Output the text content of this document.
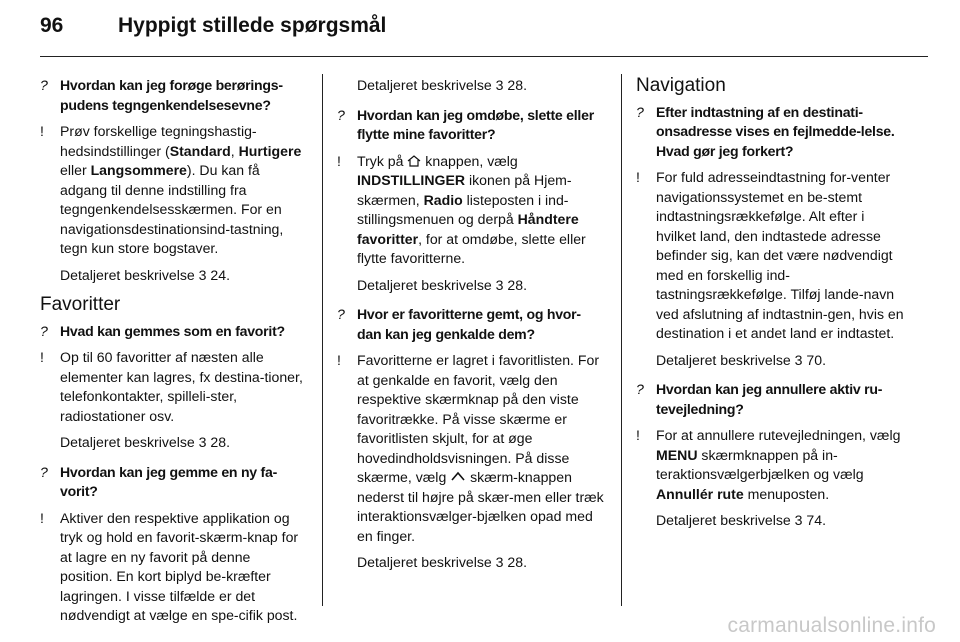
96	Hyppigt stillede spørgsmål
? Hvordan kan jeg forøge berørings-pudens tegngenkendelsesevne?
!	Prøv forskellige tegningshastig-hedsindstillinger (Standard, Hurtigere eller Langsommere). Du kan få adgang til denne indstilling fra tegngenkendelsesskærmen. For en navigationsdestinationsind-tastning, tegn kun store bogstaver.
Detaljeret beskrivelse 3 24.
Favoritter
? Hvad kan gemmes som en favorit?
!	Op til 60 favoritter af næsten alle elementer kan lagres, fx destina-tioner, telefonkontakter, spilleli-ster, radiostationer osv.
Detaljeret beskrivelse 3 28.
? Hvordan kan jeg gemme en ny fa-vorit?
!	Aktiver den respektive applikation og tryk og hold en favorit-skærm-knap for at lagre en ny favorit på denne position. En kort biplyd be-kræfter lagringen. I visse tilfælde er det nødvendigt at vælge en spe-cifik post.
Detaljeret beskrivelse 3 28.
? Hvordan kan jeg omdøbe, slette eller flytte mine favoritter?
!	Tryk på  knappen, vælg INDSTILLINGER ikonen på Hjem-skærmen, Radio listeposten i ind-stillingsmenuen og derpå Håndtere favoritter, for at omdøbe, slette eller flytte favoritterne.
Detaljeret beskrivelse 3 28.
? Hvor er favoritterne gemt, og hvor-dan kan jeg genkalde dem?
!	Favoritterne er lagret i favoritlisten. For at genkalde en favorit, vælg den respektive skærmknap på den viste favoritrække. På visse skærme er favoritlisten skjult, for at øge hovedindholdsvisningen. På disse skærme, vælg  skærm-knappen nederst til højre på skær-men eller træk interaktionsvælger-bjælken opad med en finger.
Detaljeret beskrivelse 3 28.
Navigation
? Efter indtastning af en destinati-onsadresse vises en fejlmedde-lelse. Hvad gør jeg forkert?
!	For fuld adresseindtastning for-venter navigationssystemet en be-stemt indtastningsrækkefølge. Alt efter i hvilket land, den indtastede adresse befinder sig, kan det være nødvendigt med en forskellig ind-tastningsrækkefølge. Tilføj lande-navn ved afslutning af indtastnin-gen, hvis en destination i et andet land er indtastet.
Detaljeret beskrivelse 3 70.
? Hvordan kan jeg annullere aktiv ru-tevejledning?
!	For at annullere rutevejledningen, vælg MENU skærmknappen på in-teraktionsvælgerbjælken og vælg Annullér rute menuposten.
Detaljeret beskrivelse 3 74.
carmanualsonline.info
